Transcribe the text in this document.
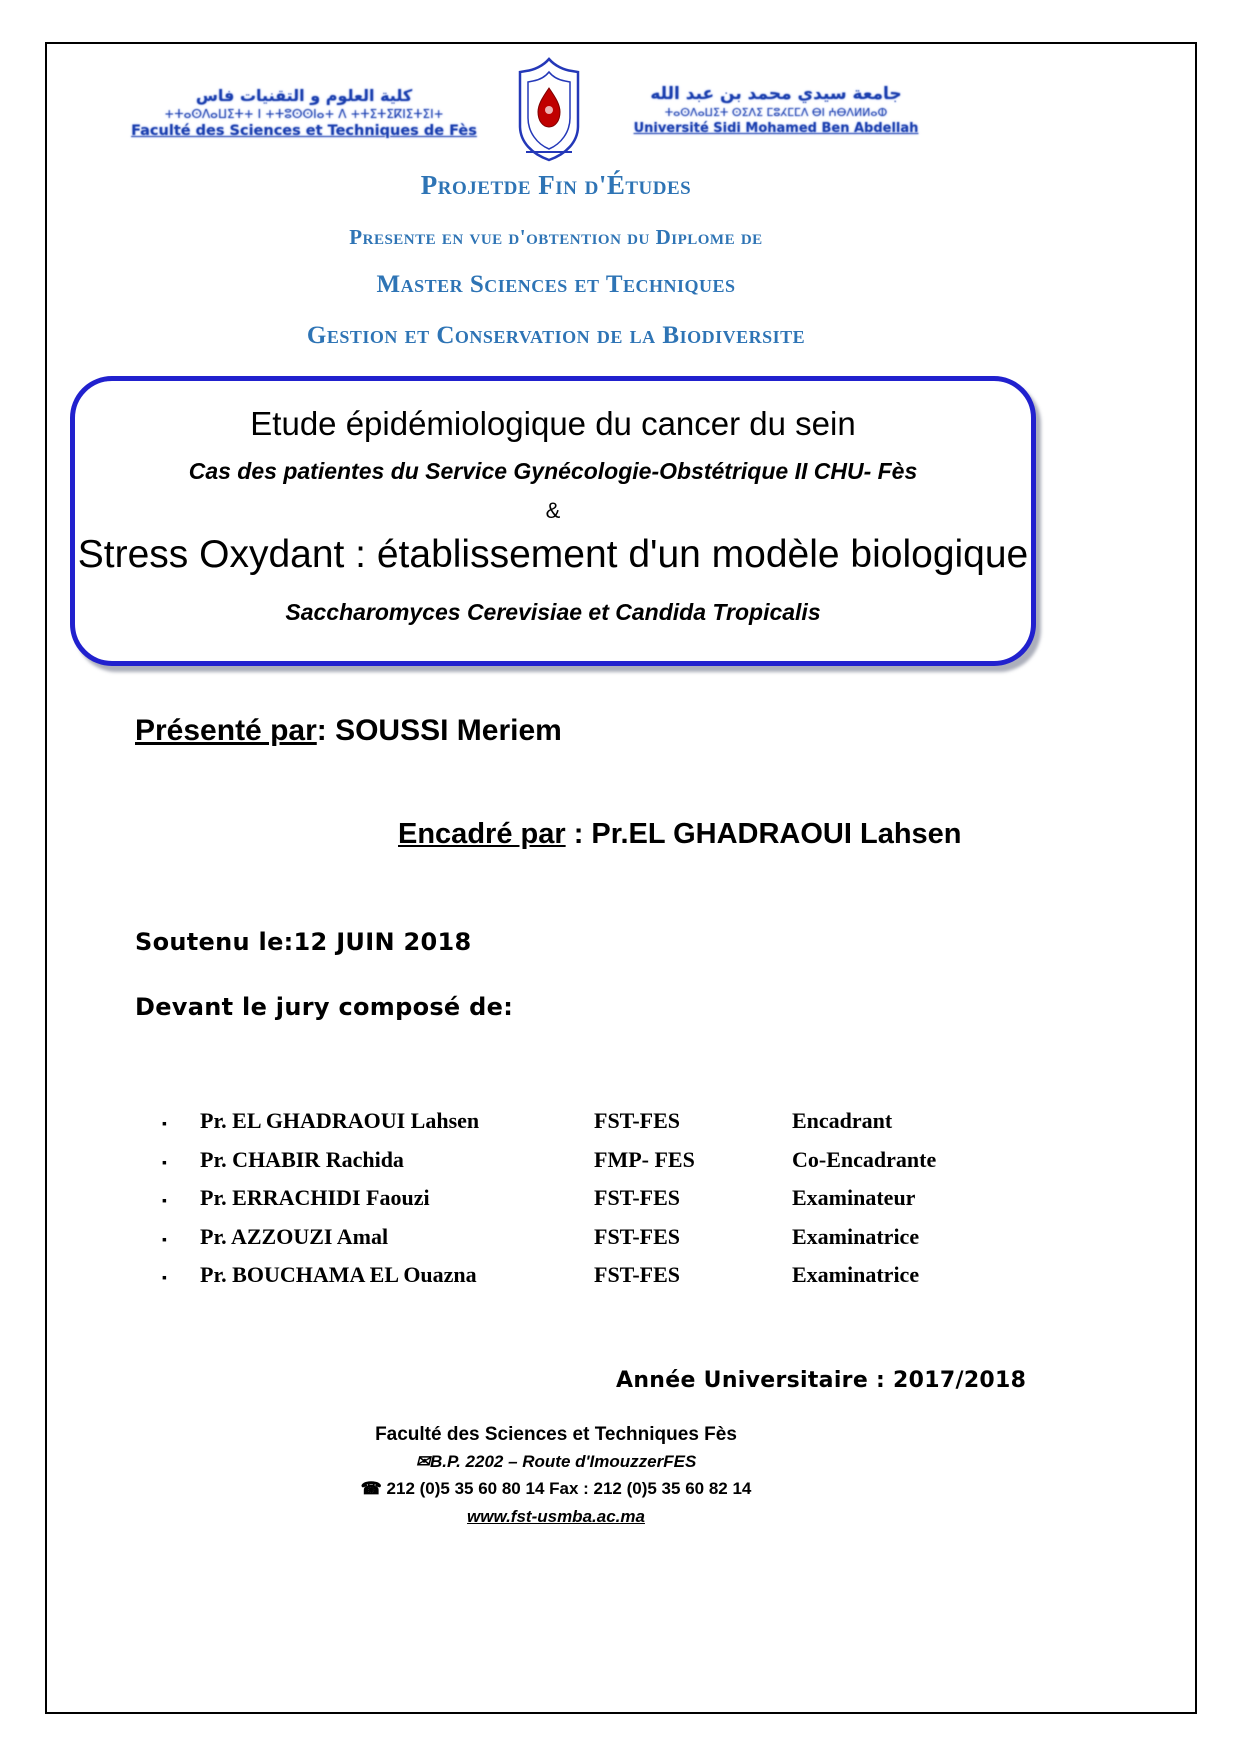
كلية العلوم و التقنيات فاس
+ⵜⴰⵙⴷⴰⵡⵉⵜ+ ⵏ +ⵜⵓⵙⵙⵏⴰ+ ⴷ +ⵜⵉⵜⵉⴽⵏⵉⵜⵉⵏ+
Faculté des Sciences et Techniques de Fès
جامعة سيدي محمد بن عبد الله
ⵜⴰⵙⴷⴰⵡⵉⵜ ⵙⵉⴷⵉ ⵎⵓⵃⵎⵎⴷ ⴱⵏ ⵄⴱⴷⵍⵍⴰⵀ
Université Sidi Mohamed Ben Abdellah
Projetde Fin d'Études
Presente en vue d'obtention du Diplome de
Master Sciences et Techniques
Gestion et Conservation de la Biodiversite
Etude épidémiologique du cancer du sein
Cas des patientes du Service Gynécologie-Obstétrique II CHU- Fès
&
Stress Oxydant : établissement d'un modèle biologique
Saccharomyces Cerevisiae et Candida Tropicalis
Présenté par: SOUSSI Meriem
Encadré par : Pr.EL GHADRAOUI Lahsen
Soutenu le:12 JUIN 2018
Devant le jury composé de:
▪	Pr. EL GHADRAOUI Lahsen	FST-FES	Encadrant
▪	Pr. CHABIR Rachida	FMP- FES	Co-Encadrante
▪	Pr. ERRACHIDI Faouzi	FST-FES	Examinateur
▪	Pr. AZZOUZI Amal	FST-FES	Examinatrice
▪	Pr. BOUCHAMA EL Ouazna	FST-FES	Examinatrice
Année Universitaire : 2017/2018
Faculté des Sciences et Techniques Fès
✉B.P. 2202 – Route d'ImouzzerFES
☎ 212 (0)5 35 60 80 14 Fax : 212 (0)5 35 60 82 14
www.fst-usmba.ac.ma
